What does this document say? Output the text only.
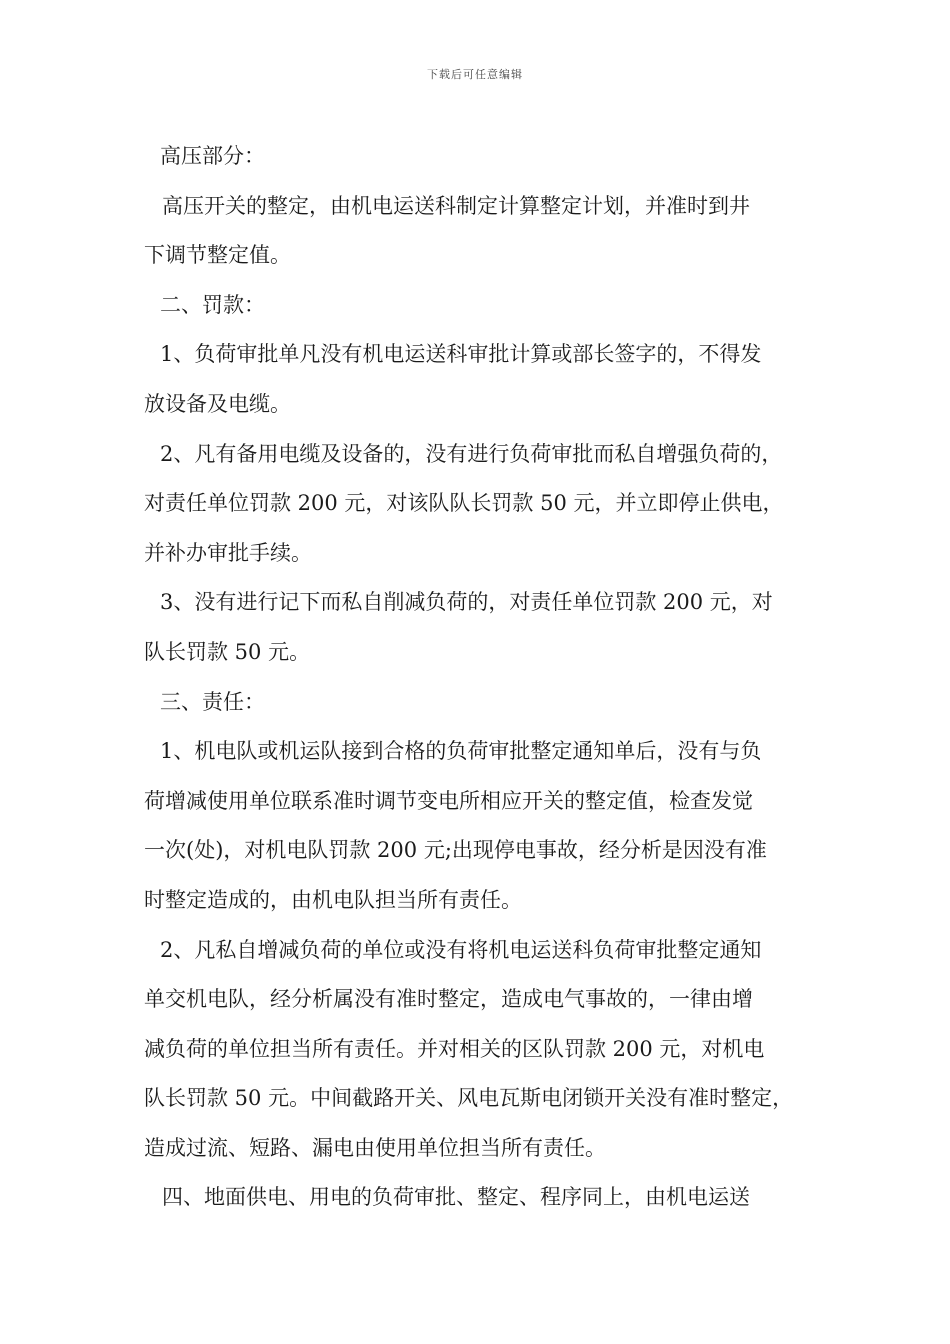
下载后可任意编辑
高压部分：
高压开关的整定，由机电运送科制定计算整定计划，并准时到井
下调节整定值。
二、罚款：
1、负荷审批单凡没有机电运送科审批计算或部长签字的，不得发
放设备及电缆。
2、凡有备用电缆及设备的，没有进行负荷审批而私自增强负荷的，
对责任单位罚款 200 元，对该队队长罚款 50 元，并立即停止供电，
并补办审批手续。
3、没有进行记下而私自削减负荷的，对责任单位罚款 200 元，对
队长罚款 50 元。
三、责任：
1、机电队或机运队接到合格的负荷审批整定通知单后，没有与负
荷增减使用单位联系准时调节变电所相应开关的整定值，检查发觉
一次(处)，对机电队罚款 200 元;出现停电事故，经分析是因没有准
时整定造成的，由机电队担当所有责任。
2、凡私自增减负荷的单位或没有将机电运送科负荷审批整定通知
单交机电队，经分析属没有准时整定，造成电气事故的，一律由增
减负荷的单位担当所有责任。并对相关的区队罚款 200 元，对机电
队长罚款 50 元。中间截路开关、风电瓦斯电闭锁开关没有准时整定，
造成过流、短路、漏电由使用单位担当所有责任。
四、地面供电、用电的负荷审批、整定、程序同上，由机电运送
